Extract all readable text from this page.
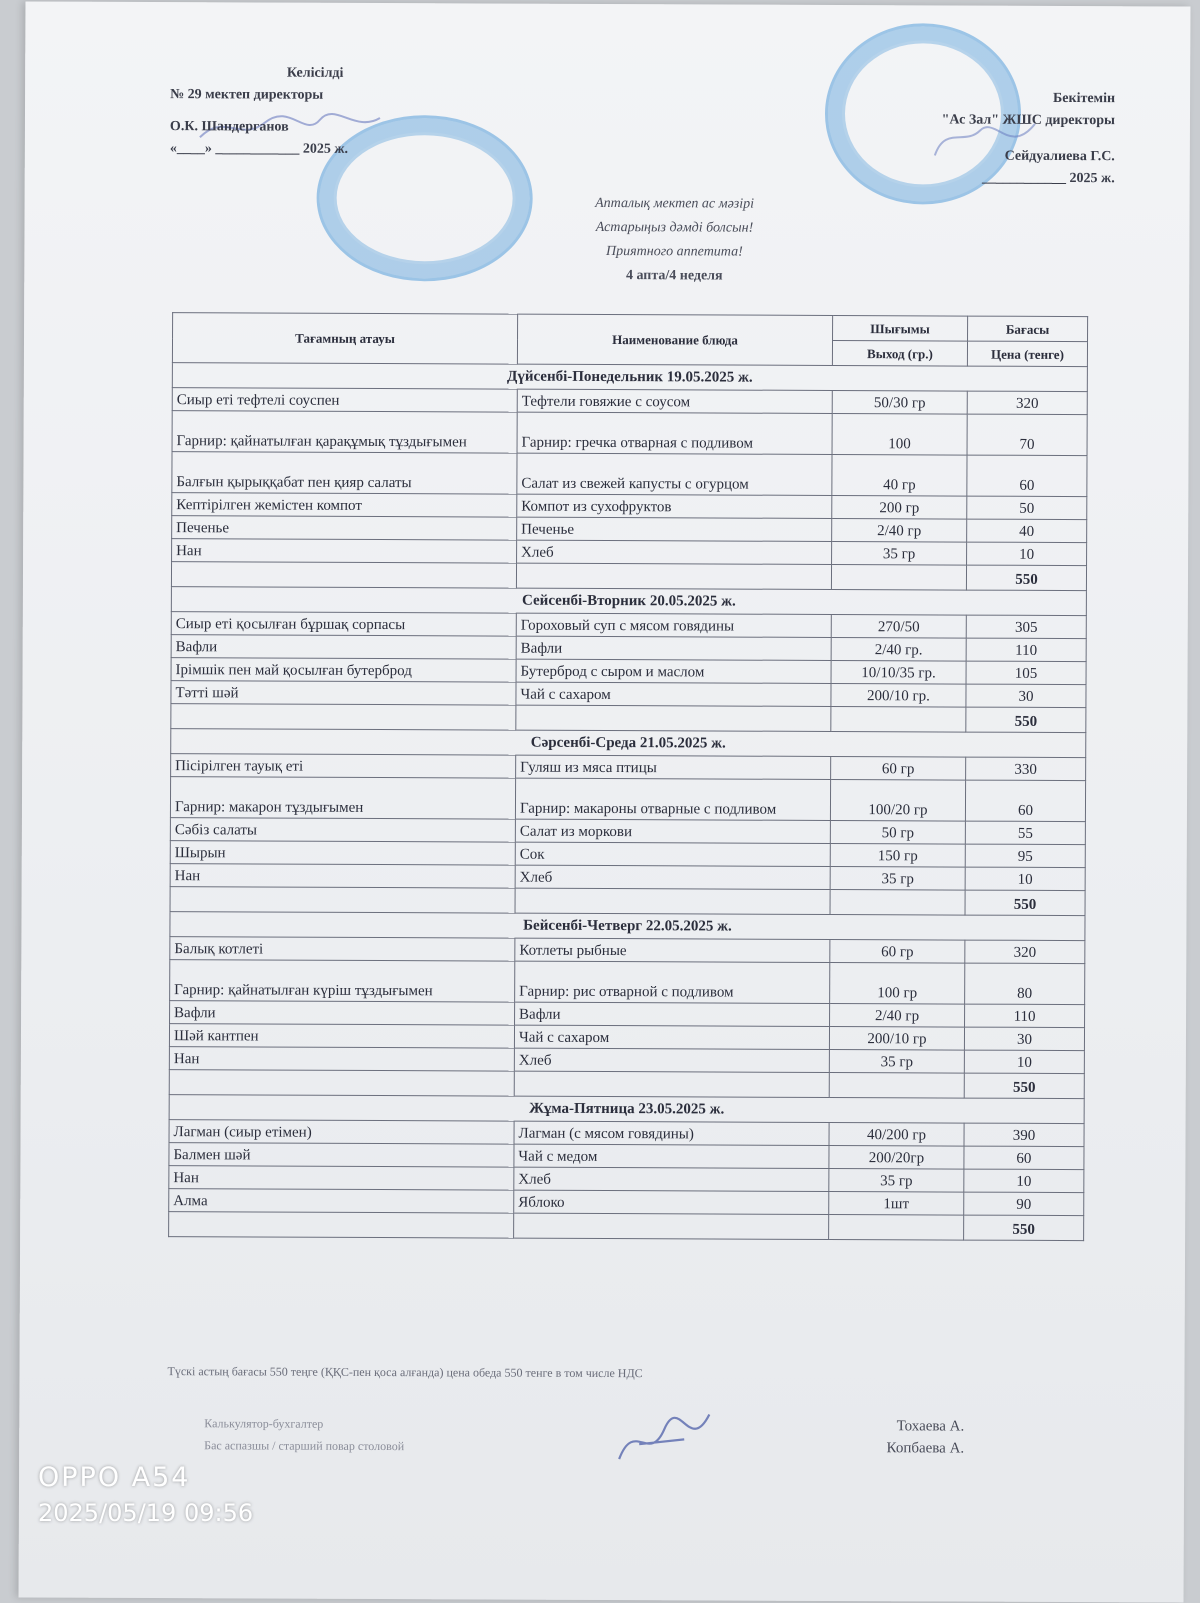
Келісілді
№ 29 мектеп директоры
О.К. Шандерганов
«____» ____________ 2025 ж.
Бекітемін
"Ас Зал" ЖШС директоры
Сейдуалиева Г.С.
____________ 2025 ж.
Апталық мектеп ас мәзірі
Астарыңыз дәмді болсын!
Приятного аппетита!
4 апта/4 неделя
Тағамның атауы	Наименование блюда	Шығымы	Бағасы
		Выход (гр.)	Цена (тенге)
Дүйсенбі-Понедельник 19.05.2025 ж.			
Сиыр еті тефтелі соуспен	Тефтели говяжие с соусом	50/30 гр	320
Гарнир: қайнатылған қарақұмық тұздығымен	Гарнир: гречка отварная с подливом	100	70
Балғын қырыққабат пен қияр салаты	Салат из свежей капусты с огурцом	40 гр	60
Кептірілген жемістен компот	Компот из сухофруктов	200 гр	50
Печенье	Печенье	2/40 гр	40
Нан	Хлеб	35 гр	10
			550
Сейсенбі-Вторник 20.05.2025 ж.			
Сиыр еті қосылған бұршақ сорпасы	Гороховый суп с мясом говядины	270/50	305
Вафли	Вафли	2/40 гр.	110
Ірімшік пен май қосылған бутерброд	Бутерброд с сыром и маслом	10/10/35 гр.	105
Тәтті шәй	Чай с сахаром	200/10 гр.	30
			550
Сәрсенбі-Среда 21.05.2025 ж.			
Пісірілген тауық еті	Гуляш из мяса птицы	60 гр	330
Гарнир: макарон тұздығымен	Гарнир: макароны отварные с подливом	100/20 гр	60
Сәбіз салаты	Салат из моркови	50 гр	55
Шырын	Сок	150 гр	95
Нан	Хлеб	35 гр	10
			550
Бейсенбі-Четверг 22.05.2025 ж.			
Балық котлеті	Котлеты рыбные	60 гр	320
Гарнир: қайнатылған күріш тұздығымен	Гарнир: рис отварной с подливом	100 гр	80
Вафли	Вафли	2/40 гр	110
Шәй кантпен	Чай с сахаром	200/10 гр	30
Нан	Хлеб	35 гр	10
			550
Жұма-Пятница 23.05.2025 ж.			
Лагман (сиыр етімен)	Лагман (с мясом говядины)	40/200 гр	390
Балмен шәй	Чай с медом	200/20гр	60
Нан	Хлеб	35 гр	10
Алма	Яблоко	1шт	90
			550
Түскі астың бағасы 550 теңге (ҚҚС-пен қоса алғанда) цена обеда 550 тенге в том числе НДС
Калькулятор-бухгалтер	Тохаева А.
Бас аспазшы / старший повар столовой	Копбаева А.
OPPO A54
2025/05/19 09:56
